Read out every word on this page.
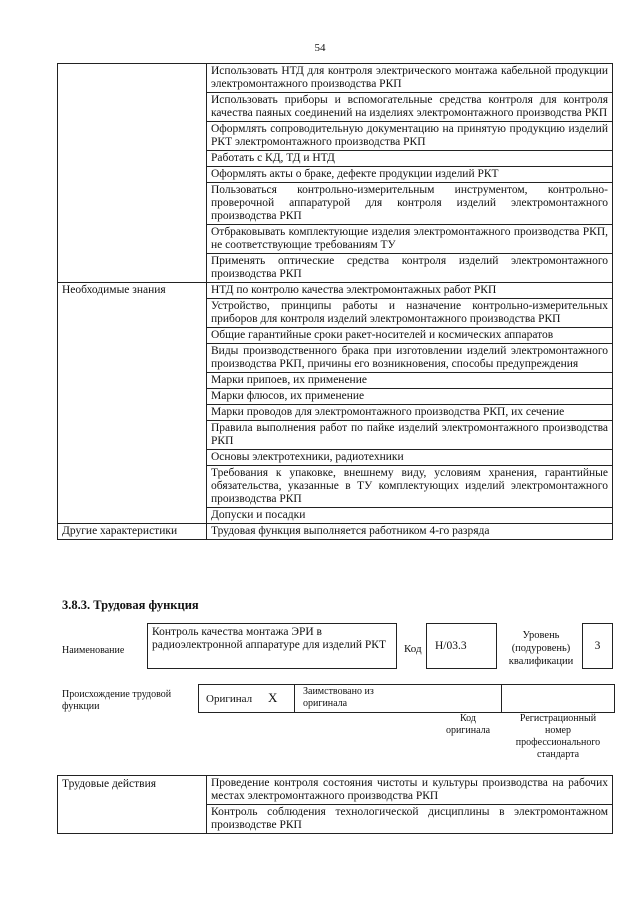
54
	Использовать НТД для контроля электрического монтажа кабельной продукции электромонтажного производства РКП
	Использовать приборы и вспомогательные средства контроля для контроля качества паяных соединений на изделиях электромонтажного производства РКП
	Оформлять сопроводительную документацию на принятую продукцию изделий РКТ электромонтажного производства РКП
	Работать с КД, ТД и НТД
	Оформлять акты о браке, дефекте продукции изделий РКТ
	Пользоваться контрольно-измерительным инструментом, контрольно-проверочной аппаратурой для контроля изделий электромонтажного производства РКП
	Отбраковывать комплектующие изделия электромонтажного производства РКП, не соответствующие требованиям ТУ
	Применять оптические средства контроля изделий электромонтажного производства РКП
Необходимые знания	НТД по контролю качества электромонтажных работ РКП
	Устройство, принципы работы и назначение контрольно-измерительных приборов для контроля изделий электромонтажного производства РКП
	Общие гарантийные сроки ракет-носителей и космических аппаратов
	Виды производственного брака при изготовлении изделий электромонтажного производства РКП, причины его возникновения, способы предупреждения
	Марки припоев, их применение
	Марки флюсов, их применение
	Марки проводов для электромонтажного производства РКП, их сечение
	Правила выполнения работ по пайке изделий электромонтажного производства РКП
	Основы электротехники, радиотехники
	Требования к упаковке, внешнему виду, условиям хранения, гарантийные обязательства, указанные в ТУ комплектующих изделий электромонтажного производства РКП
	Допуски и посадки
Другие характеристики	Трудовая функция выполняется работником 4-го разряда
3.8.3. Трудовая функция
Наименование
Контроль качества монтажа ЭРИ в радиоэлектронной аппаратуре для изделий РКТ	Код	Н/03.3
Уровень (подуровень) квалификации
3
Происхождение трудовой функции
Оригинал X	Заимствовано из оригинала
Код оригинала
Регистрационный номер профессионального стандарта
Трудовые действия	Проведение контроля состояния чистоты и культуры производства на рабочих местах электромонтажного производства РКП
Контроль соблюдения технологической дисциплины в электромонтажном производстве РКП
